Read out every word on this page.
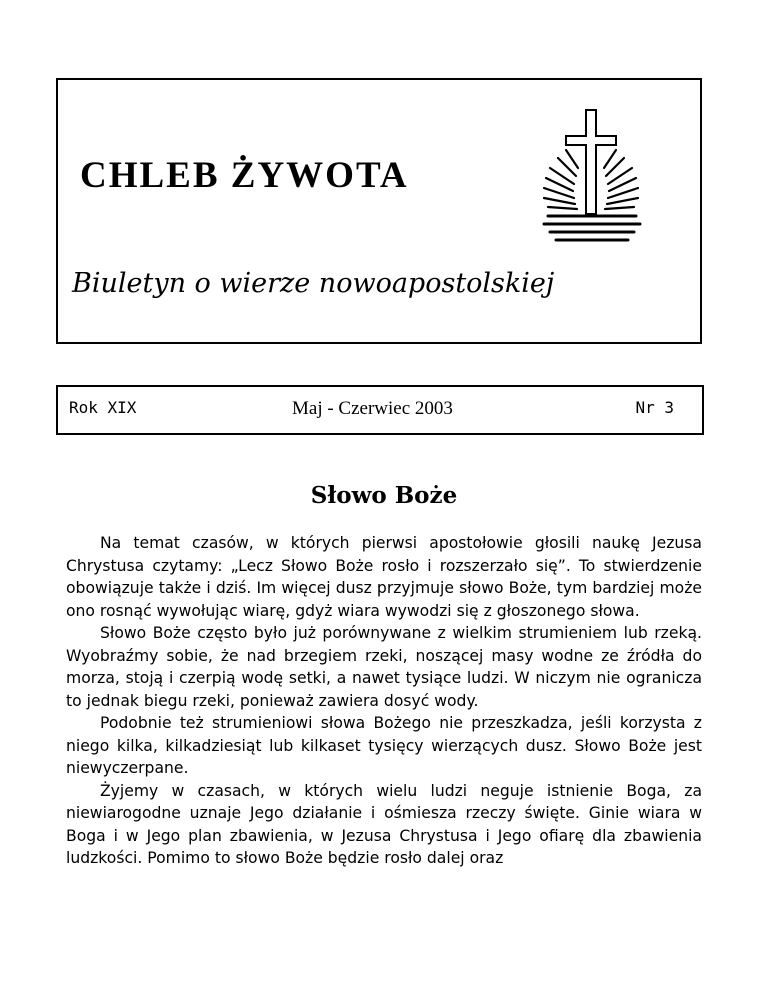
CHLEB ŻYWOTA

Biuletyn o wierze nowoapostolskiej

Rok XIX	Maj - Czerwiec 2003	Nr 3
Słowo Boże

Na temat czasów, w których pierwsi apostołowie głosili naukę Jezusa Chrystusa czytamy: „Lecz Słowo Boże rosło i rozszerzało się”. To stwierdzenie obowiązuje także i dziś. Im więcej dusz przyjmuje słowo Boże, tym bardziej może ono rosnąć wywołując wiarę, gdyż wiara wywodzi się z głoszonego słowa.

Słowo Boże często było już porównywane z wielkim strumieniem lub rzeką. Wyobraźmy sobie, że nad brzegiem rzeki, noszącej masy wodne ze źródła do morza, stoją i czerpią wodę setki, a nawet tysiące ludzi. W niczym nie ogranicza to jednak biegu rzeki, ponieważ zawiera dosyć wody.

Podobnie też strumieniowi słowa Bożego nie przeszkadza, jeśli korzysta z niego kilka, kilkadziesiąt lub kilkaset tysięcy wierzących dusz. Słowo Boże jest niewyczerpane.

Żyjemy w czasach, w których wielu ludzi neguje istnienie Boga, za niewiarogodne uznaje Jego działanie i ośmiesza rzeczy święte. Ginie wiara w Boga i w Jego plan zbawienia, w Jezusa Chrystusa i Jego ofiarę dla zbawienia ludzkości. Pomimo to słowo Boże będzie rosło dalej oraz
